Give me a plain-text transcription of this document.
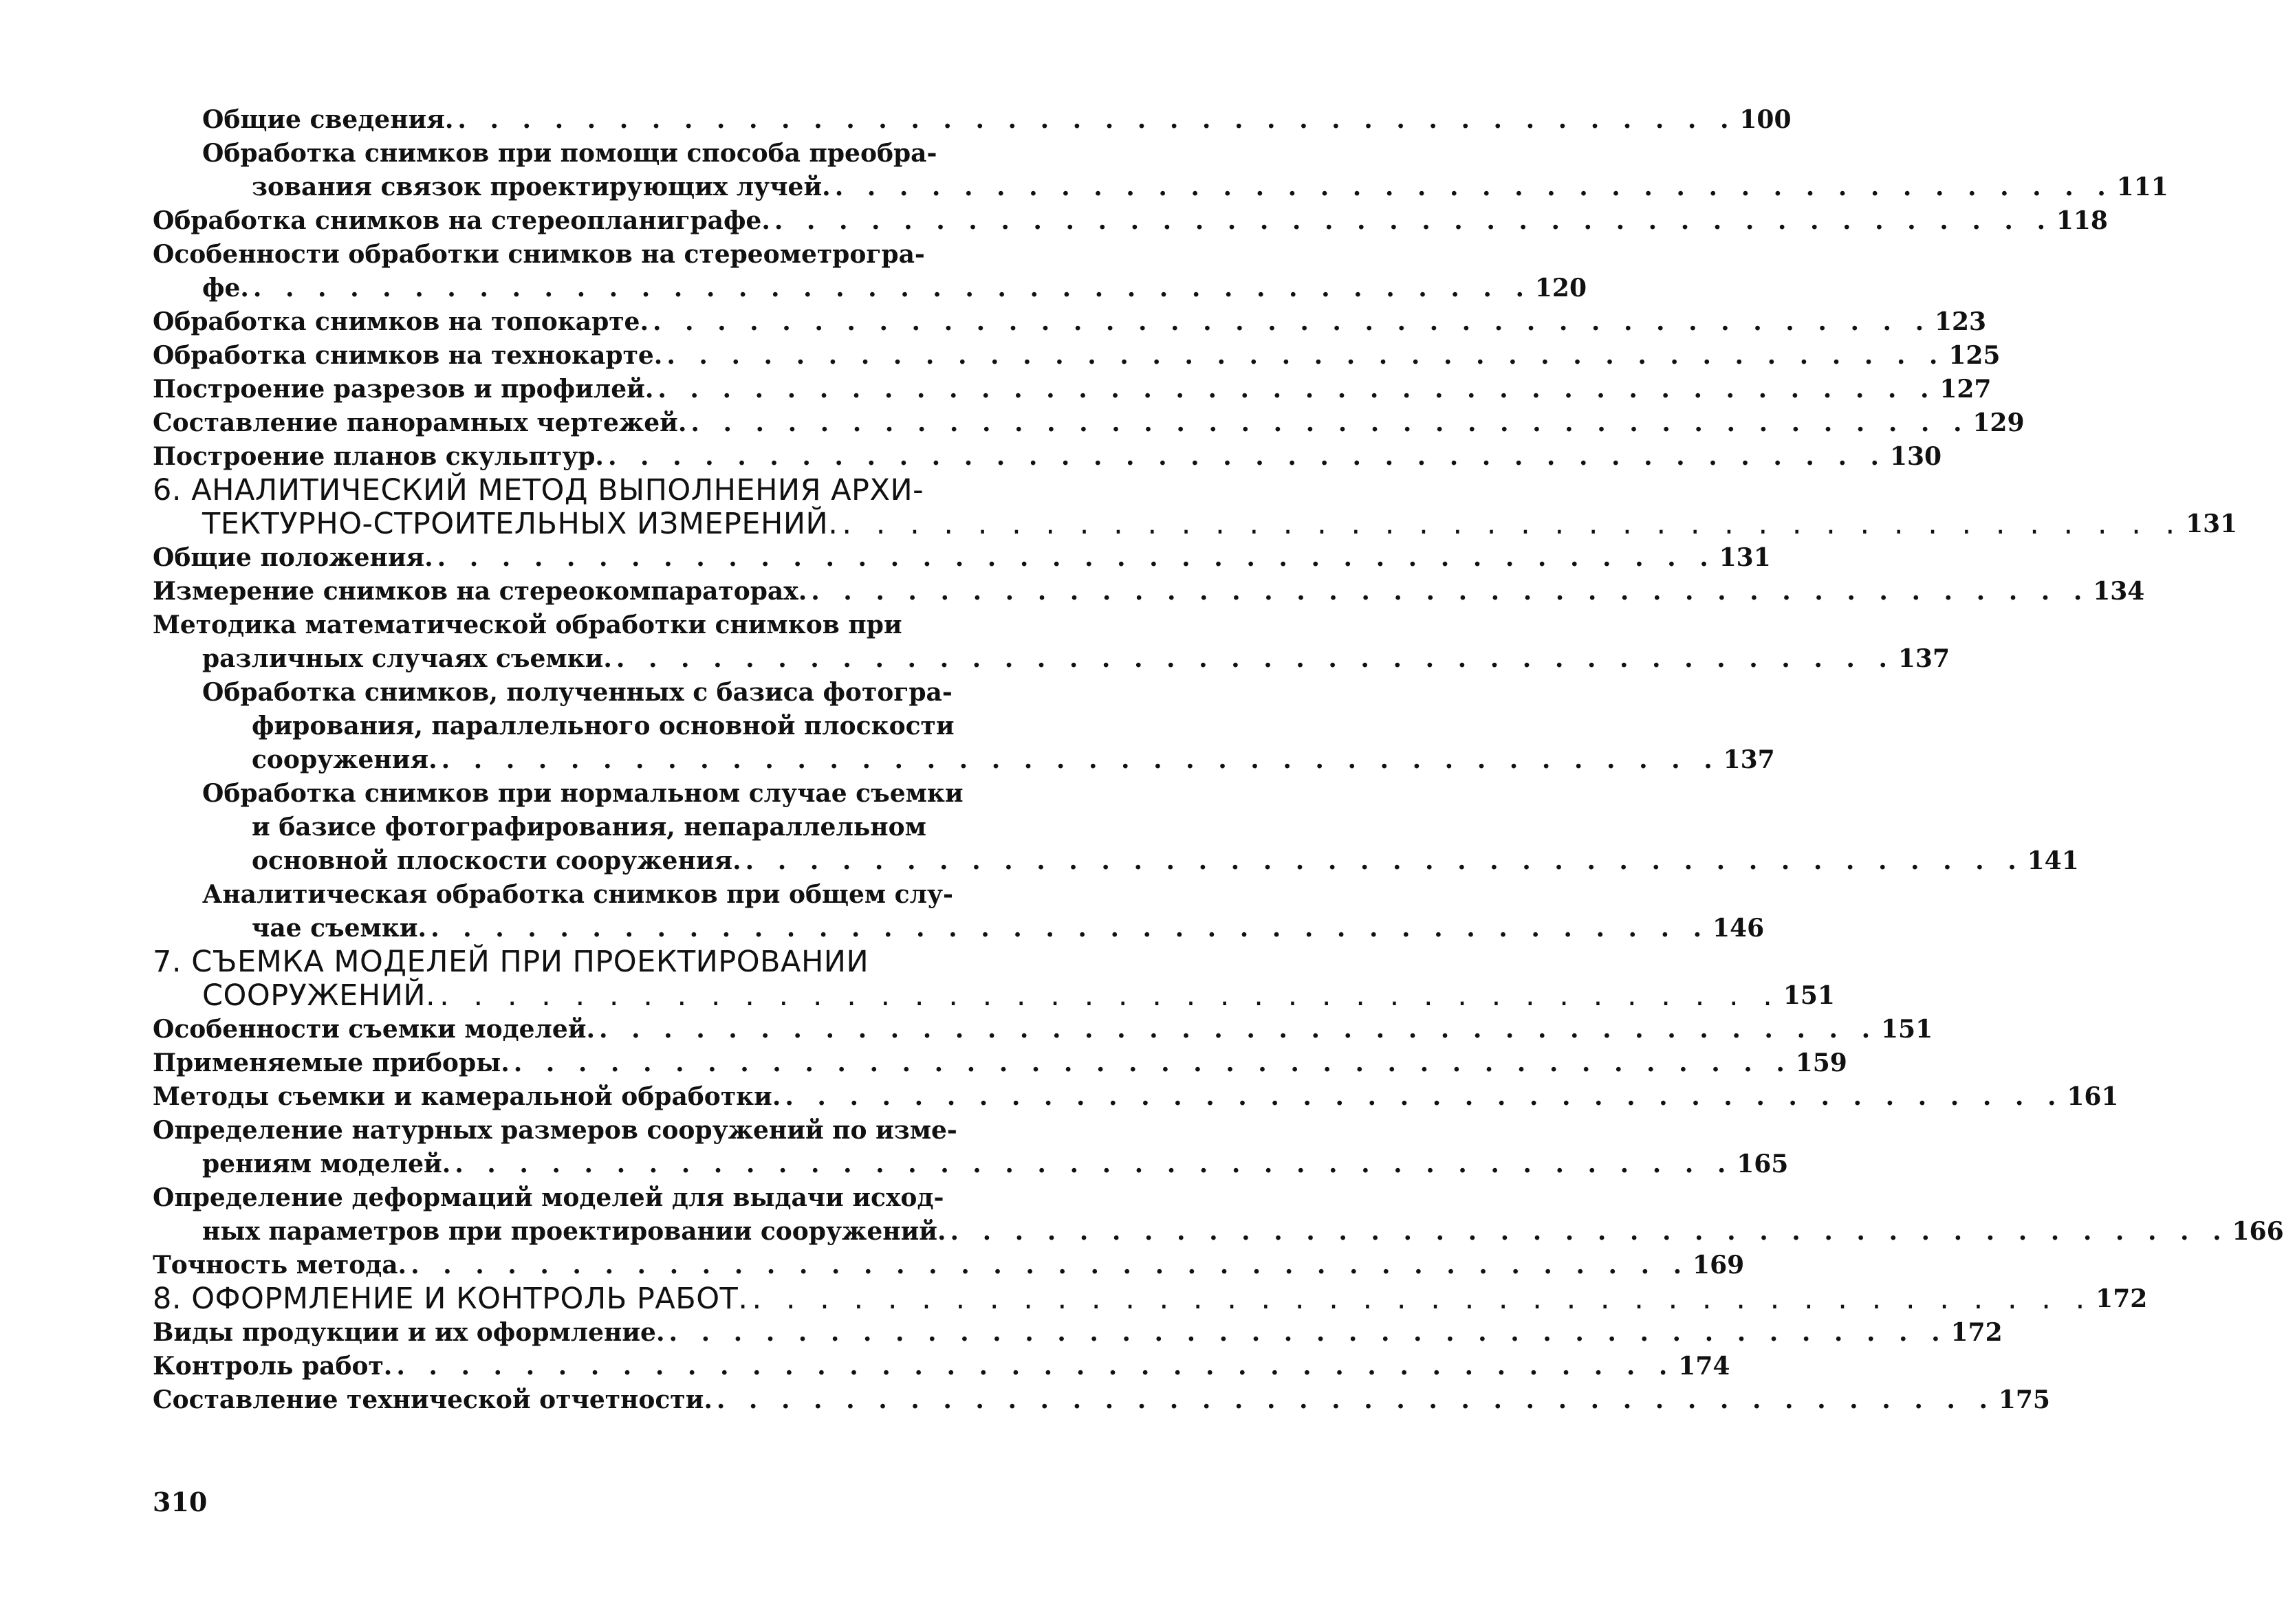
Общие сведения. . . . . . . . . . . . . . . . . . . . . . . . . . . . . . . . . . . . . . . . . 100
Обработка снимков при помощи способа преобра-
зования связок проектирующих лучей. . . . . . . . . . . . . . . . . . . . . . . . . . . . . . . . . . . . . . . . . 111
Обработка снимков на стереопланиграфе. . . . . . . . . . . . . . . . . . . . . . . . . . . . . . . . . . . . . . . . . 118
Особенности обработки снимков на стереометрогра-
фе. . . . . . . . . . . . . . . . . . . . . . . . . . . . . . . . . . . . . . . . . 120
Обработка снимков на топокарте. . . . . . . . . . . . . . . . . . . . . . . . . . . . . . . . . . . . . . . . . 123
Обработка снимков на технокарте. . . . . . . . . . . . . . . . . . . . . . . . . . . . . . . . . . . . . . . . . 125
Построение разрезов и профилей. . . . . . . . . . . . . . . . . . . . . . . . . . . . . . . . . . . . . . . . . 127
Составление панорамных чертежей. . . . . . . . . . . . . . . . . . . . . . . . . . . . . . . . . . . . . . . . . 129
Построение планов скульптур. . . . . . . . . . . . . . . . . . . . . . . . . . . . . . . . . . . . . . . . . 130
6. АНАЛИТИЧЕСКИЙ МЕТОД ВЫПОЛНЕНИЯ АРХИ-
ТЕКТУРНО-СТРОИТЕЛЬНЫХ ИЗМЕРЕНИЙ. . . . . . . . . . . . . . . . . . . . . . . . . . . . . . . . . . . . . . . . . 131
Общие положения. . . . . . . . . . . . . . . . . . . . . . . . . . . . . . . . . . . . . . . . . 131
Измерение снимков на стереокомпараторах. . . . . . . . . . . . . . . . . . . . . . . . . . . . . . . . . . . . . . . . . 134
Методика математической обработки снимков при
различных случаях съемки. . . . . . . . . . . . . . . . . . . . . . . . . . . . . . . . . . . . . . . . . 137
Обработка снимков, полученных с базиса фотогра-
фирования, параллельного основной плоскости
сооружения. . . . . . . . . . . . . . . . . . . . . . . . . . . . . . . . . . . . . . . . . 137
Обработка снимков при нормальном случае съемки
и базисе фотографирования, непараллельном
основной плоскости сооружения. . . . . . . . . . . . . . . . . . . . . . . . . . . . . . . . . . . . . . . . . 141
Аналитическая обработка снимков при общем слу-
чае съемки. . . . . . . . . . . . . . . . . . . . . . . . . . . . . . . . . . . . . . . . . 146
7. СЪЕМКА МОДЕЛЕЙ ПРИ ПРОЕКТИРОВАНИИ
СООРУЖЕНИЙ. . . . . . . . . . . . . . . . . . . . . . . . . . . . . . . . . . . . . . . . . 151
Особенности съемки моделей. . . . . . . . . . . . . . . . . . . . . . . . . . . . . . . . . . . . . . . . . 151
Применяемые приборы. . . . . . . . . . . . . . . . . . . . . . . . . . . . . . . . . . . . . . . . . 159
Методы съемки и камеральной обработки. . . . . . . . . . . . . . . . . . . . . . . . . . . . . . . . . . . . . . . . . 161
Определение натурных размеров сооружений по изме-
рениям моделей. . . . . . . . . . . . . . . . . . . . . . . . . . . . . . . . . . . . . . . . . 165
Определение деформаций моделей для выдачи исход-
ных параметров при проектировании сооружений. . . . . . . . . . . . . . . . . . . . . . . . . . . . . . . . . . . . . . . . . 166
Точность метода. . . . . . . . . . . . . . . . . . . . . . . . . . . . . . . . . . . . . . . . . 169
8. ОФОРМЛЕНИЕ И КОНТРОЛЬ РАБОТ. . . . . . . . . . . . . . . . . . . . . . . . . . . . . . . . . . . . . . . . . 172
Виды продукции и их оформление. . . . . . . . . . . . . . . . . . . . . . . . . . . . . . . . . . . . . . . . . 172
Контроль работ. . . . . . . . . . . . . . . . . . . . . . . . . . . . . . . . . . . . . . . . . 174
Составление технической отчетности. . . . . . . . . . . . . . . . . . . . . . . . . . . . . . . . . . . . . . . . . 175
310
